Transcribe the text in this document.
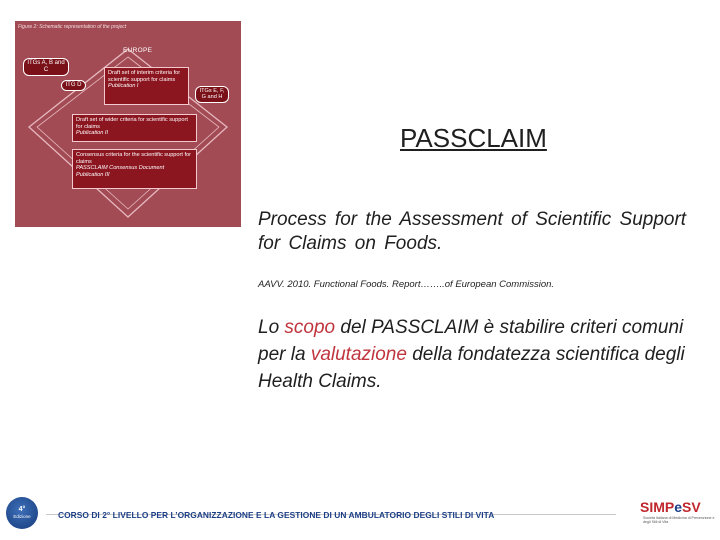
Figure 2: Schematic representation of the project
EUROPE
ITGs A, B and C
ITG D
ITGs E, F, G and H
Draft set of interim criteria for scientific support for claims
Publication I
Draft set of wider criteria for scientific support for claims
Publication II
Consensus criteria for the scientific support for claims
PASSCLAIM Consensus Document
Publication III
PASSCLAIM
Process for the Assessment of Scientific Support for Claims on Foods.
AAVV. 2010. Functional Foods. Report……..of European Commission.
Lo scopo del PASSCLAIM è stabilire criteri comuni per la valutazione della fondatezza scientifica degli Health Claims.
4°
Edizione	CORSO DI 2° LIVELLO PER L’ORGANIZZAZIONE E LA GESTIONE DI UN AMBULATORIO DEGLI STILI DI VITA	SIMPeSV
Società Italiana di Medicina di Prevenzione e degli Stili di Vita
